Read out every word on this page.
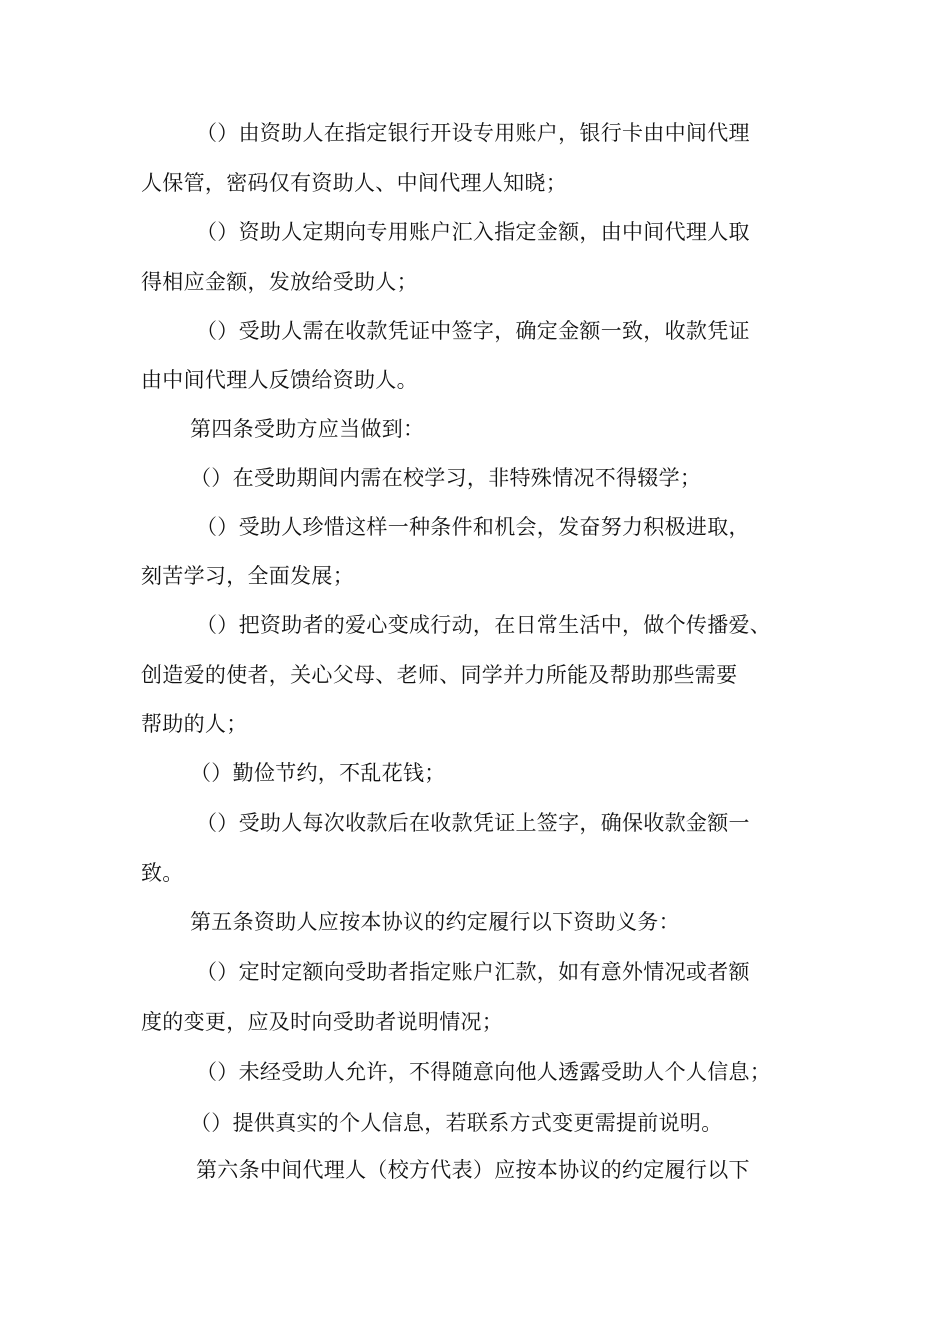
（）由资助人在指定银行开设专用账户，银行卡由中间代理
人保管，密码仅有资助人、中间代理人知晓；
（）资助人定期向专用账户汇入指定金额，由中间代理人取
得相应金额，发放给受助人；
（）受助人需在收款凭证中签字，确定金额一致，收款凭证
由中间代理人反馈给资助人。
第四条受助方应当做到：
（）在受助期间内需在校学习，非特殊情况不得辍学；
（）受助人珍惜这样一种条件和机会，发奋努力积极进取，
刻苦学习，全面发展；
（）把资助者的爱心变成行动，在日常生活中，做个传播爱、
创造爱的使者，关心父母、老师、同学并力所能及帮助那些需要
帮助的人；
（）勤俭节约，不乱花钱；
（）受助人每次收款后在收款凭证上签字，确保收款金额一
致。
第五条资助人应按本协议的约定履行以下资助义务：
（）定时定额向受助者指定账户汇款，如有意外情况或者额
度的变更，应及时向受助者说明情况；
（）未经受助人允许，不得随意向他人透露受助人个人信息；
（）提供真实的个人信息，若联系方式变更需提前说明。
第六条中间代理人（校方代表）应按本协议的约定履行以下
